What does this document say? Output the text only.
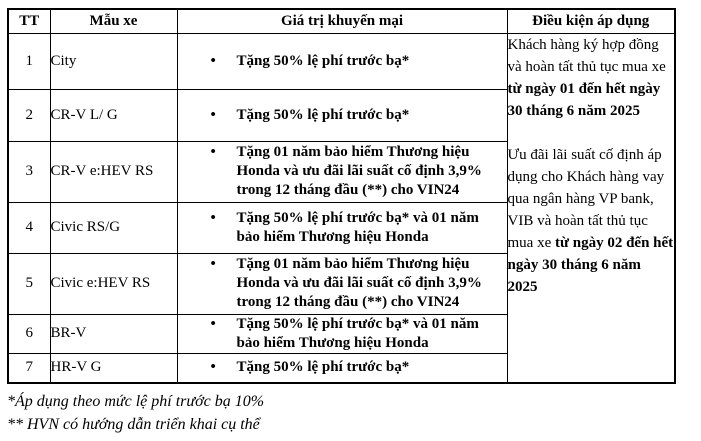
TT	Mẫu xe	Giá trị khuyến mại	Điều kiện áp dụng
1	City	•	Tặng 50% lệ phí trước bạ*

Khách hàng ký hợp đồng và hoàn tất thủ tục mua xe từ ngày 01 đến hết ngày 30 tháng 6 năm 2025

Ưu đãi lãi suất cố định áp dụng cho Khách hàng vay qua ngân hàng VP bank, VIB và hoàn tất thủ tục mua xe từ ngày 02 đến hết ngày 30 tháng 6 năm 2025

2	CR-V L/ G	• Tặng 50% lệ phí trước bạ*	

3	CR-V e:HEV RS	• Tặng 01 năm bảo hiểm Thương hiệu Honda và ưu đãi lãi suất cố định 3,9% trong 12 tháng đầu (**) cho VIN24	

4	Civic RS/G	• Tặng 50% lệ phí trước bạ* và 01 năm bảo hiểm Thương hiệu Honda	

5	Civic e:HEV RS	• Tặng 01 năm bảo hiểm Thương hiệu Honda và ưu đãi lãi suất cố định 3,9% trong 12 tháng đầu (**) cho VIN24	

6	BR-V	• Tặng 50% lệ phí trước bạ* và 01 năm bảo hiểm Thương hiệu Honda	

7	HR-V G	• Tặng 50% lệ phí trước bạ*	
*Áp dụng theo mức lệ phí trước bạ 10%
** HVN có hướng dẫn triển khai cụ thể
